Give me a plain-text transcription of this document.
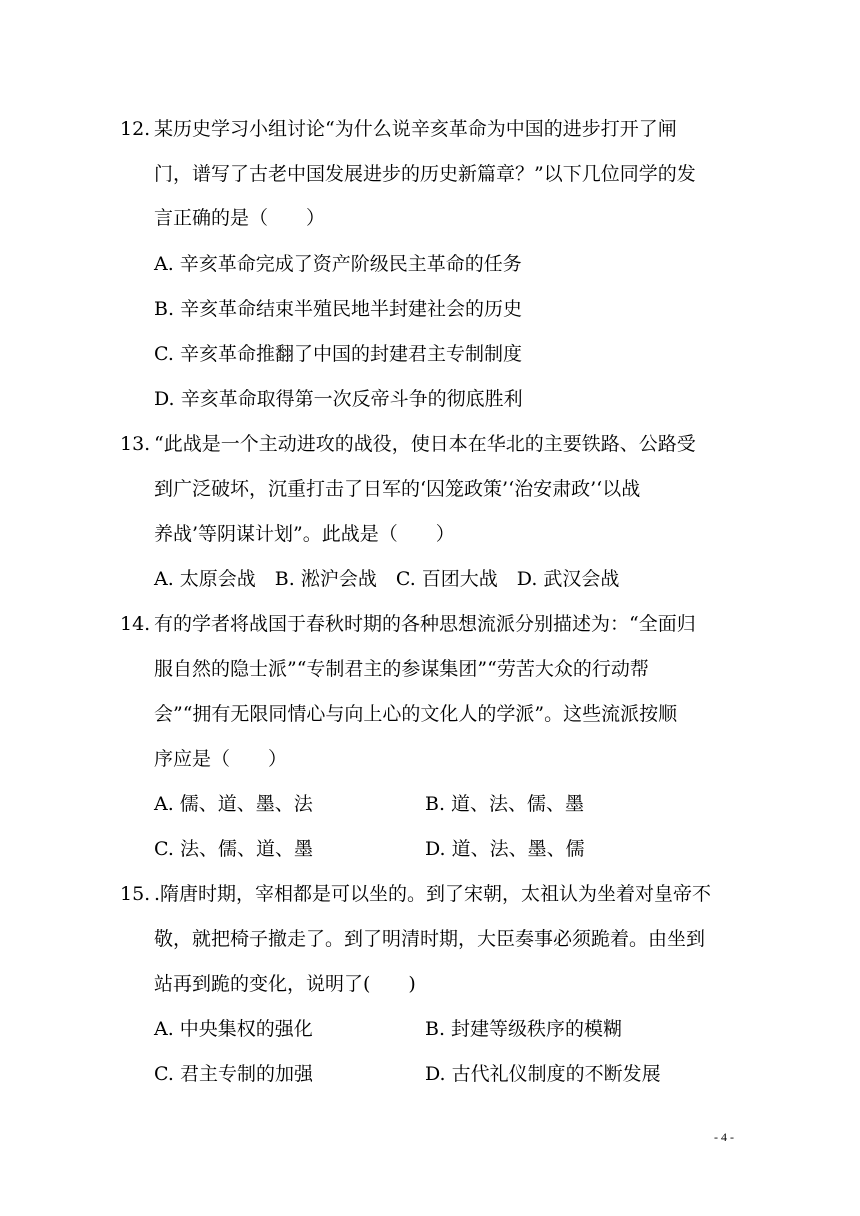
12. 某历史学习小组讨论“为什么说辛亥革命为中国的进步打开了闸
门，谱写了古老中国发展进步的历史新篇章？”以下几位同学的发
言正确的是（　　）
A. 辛亥革命完成了资产阶级民主革命的任务
B. 辛亥革命结束半殖民地半封建社会的历史
C. 辛亥革命推翻了中国的封建君主专制制度
D. 辛亥革命取得第一次反帝斗争的彻底胜利
13. “此战是一个主动进攻的战役，使日本在华北的主要铁路、公路受
到广泛破坏，沉重打击了日军的‘囚笼政策’‘治安肃政’‘以战
养战’等阴谋计划”。此战是（　　）
A. 太原会战　B. 淞沪会战　C. 百团大战　D. 武汉会战
14. 有的学者将战国于春秋时期的各种思想流派分别描述为：“全面归
服自然的隐士派”“专制君主的参谋集团”“劳苦大众的行动帮
会”“拥有无限同情心与向上心的文化人的学派”。这些流派按顺
序应是（　　）
A. 儒、道、墨、法	B. 道、法、儒、墨
C. 法、儒、道、墨	D. 道、法、墨、儒
15. .隋唐时期，宰相都是可以坐的。到了宋朝，太祖认为坐着对皇帝不
敬，就把椅子撤走了。到了明清时期，大臣奏事必须跪着。由坐到
站再到跪的变化，说明了(　　)
A. 中央集权的强化	B. 封建等级秩序的模糊
C. 君主专制的加强	D. 古代礼仪制度的不断发展
- 4 -
